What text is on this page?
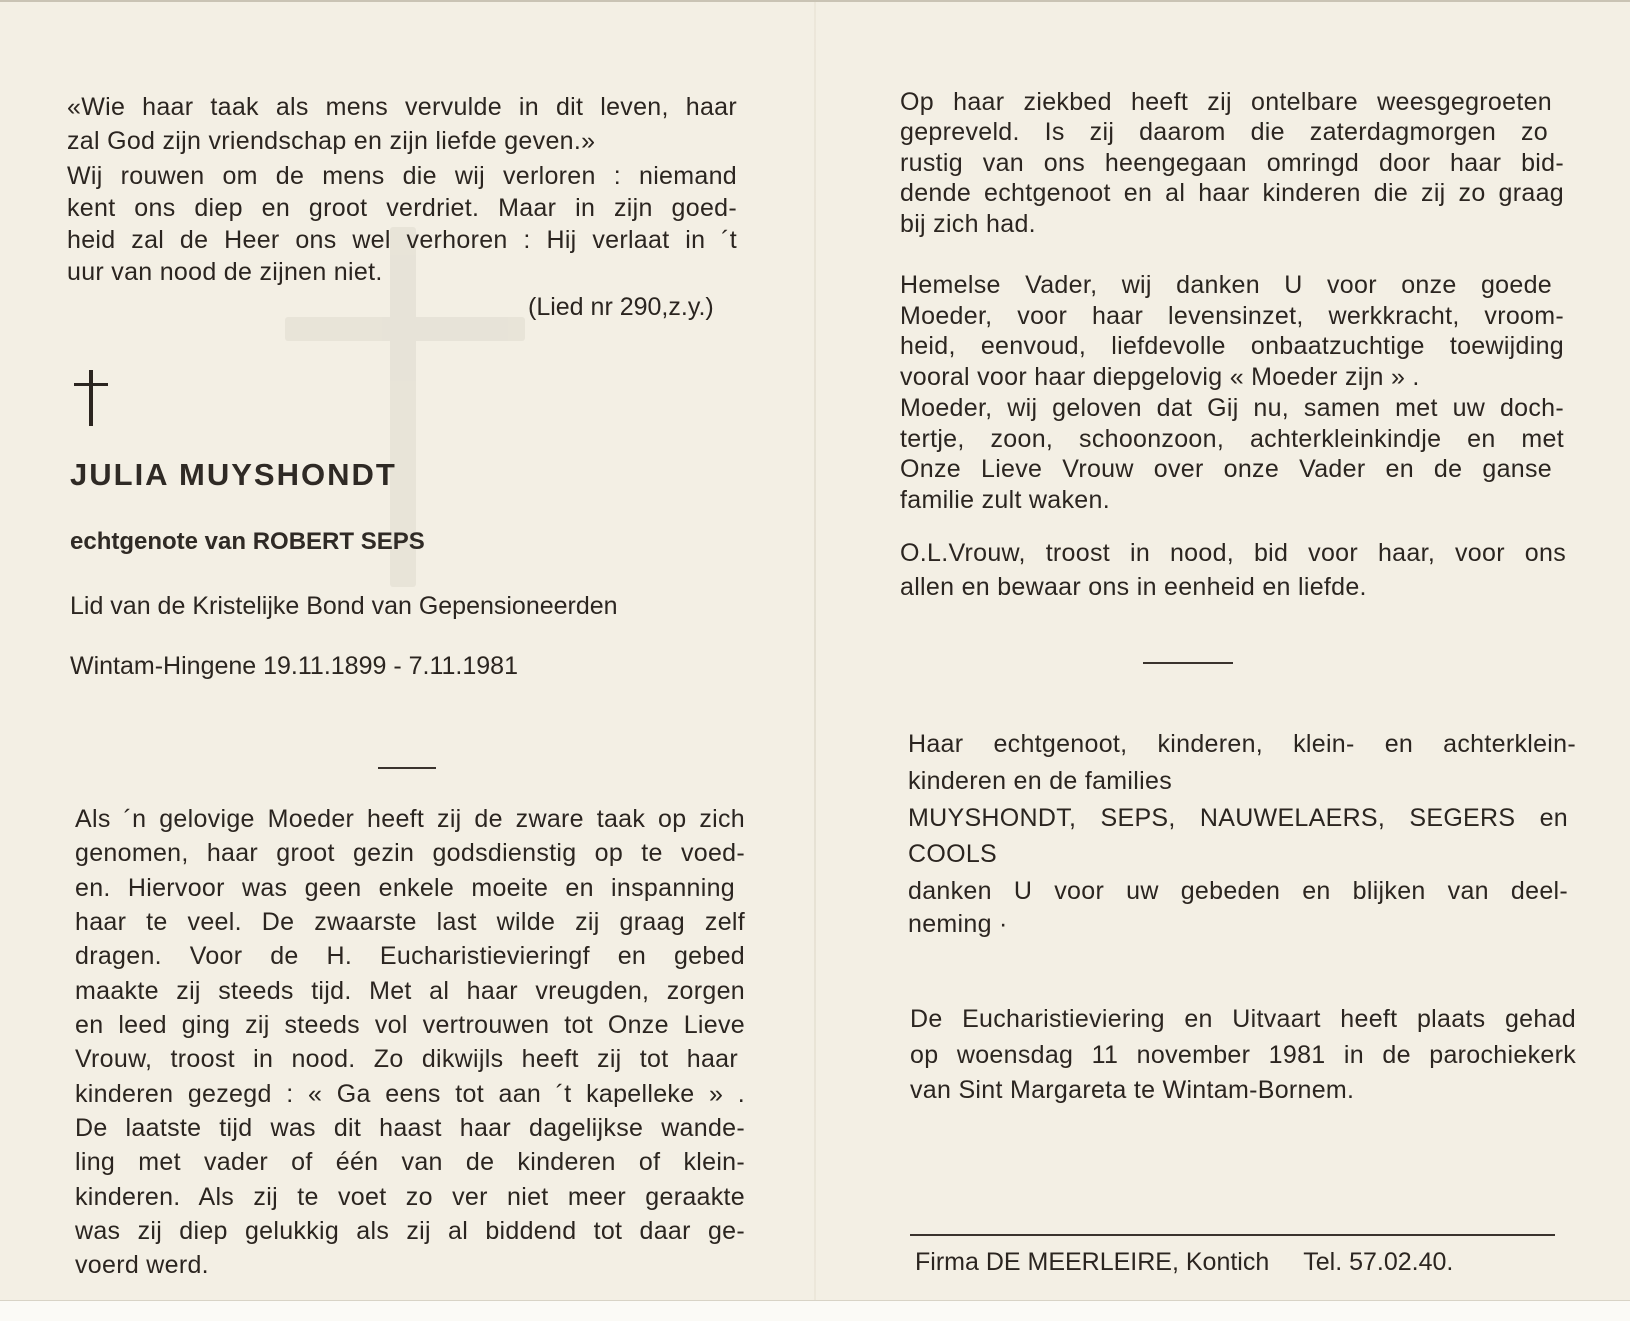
«Wie haar taak als mens vervulde in dit leven, haar
zal God zijn vriendschap en zijn liefde geven.»
Wij rouwen om de mens die wij verloren : niemand
kent ons diep en groot verdriet. Maar in zijn goed-
heid zal de Heer ons wel verhoren : Hij verlaat in ´t
uur van nood de zijnen niet.
(Lied nr 290,z.y.)
JULIA MUYSHONDT
echtgenote van ROBERT SEPS
Lid van de Kristelijke Bond van Gepensioneerden
Wintam-Hingene 19.11.1899 - 7.11.1981
Als ´n gelovige Moeder heeft zij de zware taak op zich
genomen, haar groot gezin godsdienstig op te voed-
en. Hiervoor was geen enkele moeite en inspanning
haar te veel. De zwaarste last wilde zij graag zelf
dragen. Voor de H. Eucharistievieringf en gebed
maakte zij steeds tijd. Met al haar vreugden, zorgen
en leed ging zij steeds vol vertrouwen tot Onze Lieve
Vrouw, troost in nood. Zo dikwijls heeft zij tot haar
kinderen gezegd : « Ga eens tot aan ´t kapelleke » .
De laatste tijd was dit haast haar dagelijkse wande-
ling met vader of één van de kinderen of klein-
kinderen. Als zij te voet zo ver niet meer geraakte
was zij diep gelukkig als zij al biddend tot daar ge-
voerd werd.
Op haar ziekbed heeft zij ontelbare weesgegroeten
gepreveld. Is zij daarom die zaterdagmorgen zo
rustig van ons heengegaan omringd door haar bid-
dende echtgenoot en al haar kinderen die zij zo graag
bij zich had.
Hemelse Vader, wij danken U voor onze goede
Moeder, voor haar levensinzet, werkkracht, vroom-
heid, eenvoud, liefdevolle onbaatzuchtige toewijding
vooral voor haar diepgelovig « Moeder zijn » .
Moeder, wij geloven dat Gij nu, samen met uw doch-
tertje, zoon, schoonzoon, achterkleinkindje en met
Onze Lieve Vrouw over onze Vader en de ganse
familie zult waken.
O.L.Vrouw, troost in nood, bid voor haar, voor ons
allen en bewaar ons in eenheid en liefde.
Haar echtgenoot, kinderen, klein- en achterklein-
kinderen en de families
MUYSHONDT, SEPS, NAUWELAERS, SEGERS en
COOLS
danken U voor uw gebeden en blijken van deel-
neming ·
De Eucharistieviering en Uitvaart heeft plaats gehad
op woensdag 11 november 1981 in de parochiekerk
van Sint Margareta te Wintam-Bornem.
Firma DE MEERLEIRE, Kontich Tel. 57.02.40.
